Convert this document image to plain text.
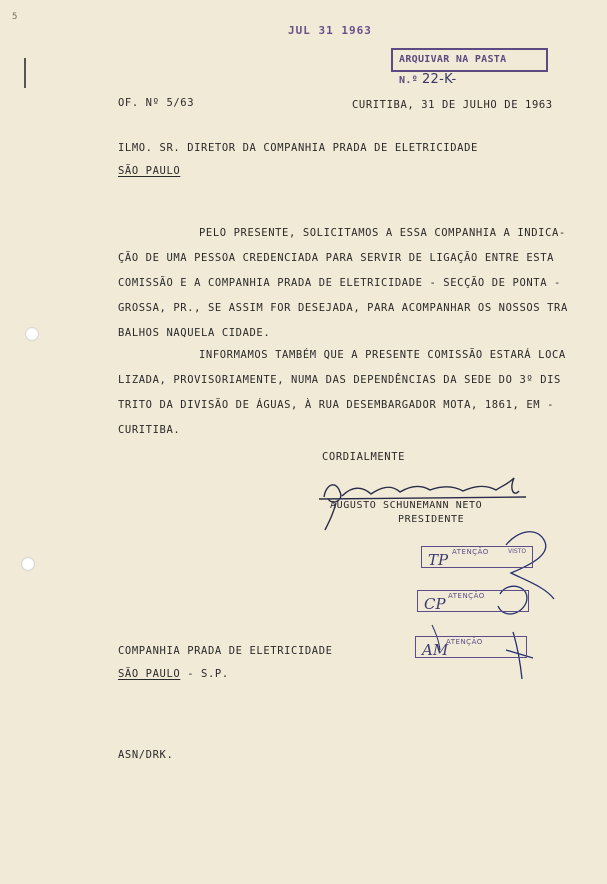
5
JUL 31 1963
ARQUIVAR NA PASTA N.º 22-K-
OF. Nº 5/63	CURITIBA, 31 DE JULHO DE 1963
ILMO. SR. DIRETOR DA COMPANHIA PRADA DE ELETRICIDADE
SÃO PAULO
PELO PRESENTE, SOLICITAMOS A ESSA COMPANHIA A INDICA-
ÇÃO DE UMA PESSOA CREDENCIADA PARA SERVIR DE LIGAÇÃO ENTRE ESTA
COMISSÃO E A COMPANHIA PRADA DE ELETRICIDADE - SECÇÃO DE PONTA -
GROSSA, PR., SE ASSIM FOR DESEJADA, PARA ACOMPANHAR OS NOSSOS TRA
BALHOS NAQUELA CIDADE.
INFORMAMOS TAMBÉM QUE A PRESENTE COMISSÃO ESTARÁ LOCA
LIZADA, PROVISORIAMENTE, NUMA DAS DEPENDÊNCIAS DA SEDE DO 3º DIS
TRITO DA DIVISÃO DE ÁGUAS, À RUA DESEMBARGADOR MOTA, 1861, EM -
CURITIBA.
CORDIALMENTE
AUGUSTO SCHUNEMANN NETO
PRESIDENTE
ATENÇÃO
TP	VISTO
ATENÇÃO
CP
ATENÇÃO
AM
COMPANHIA PRADA DE ELETRICIDADE
SÃO PAULO - S.P.
ASN/DRK.
